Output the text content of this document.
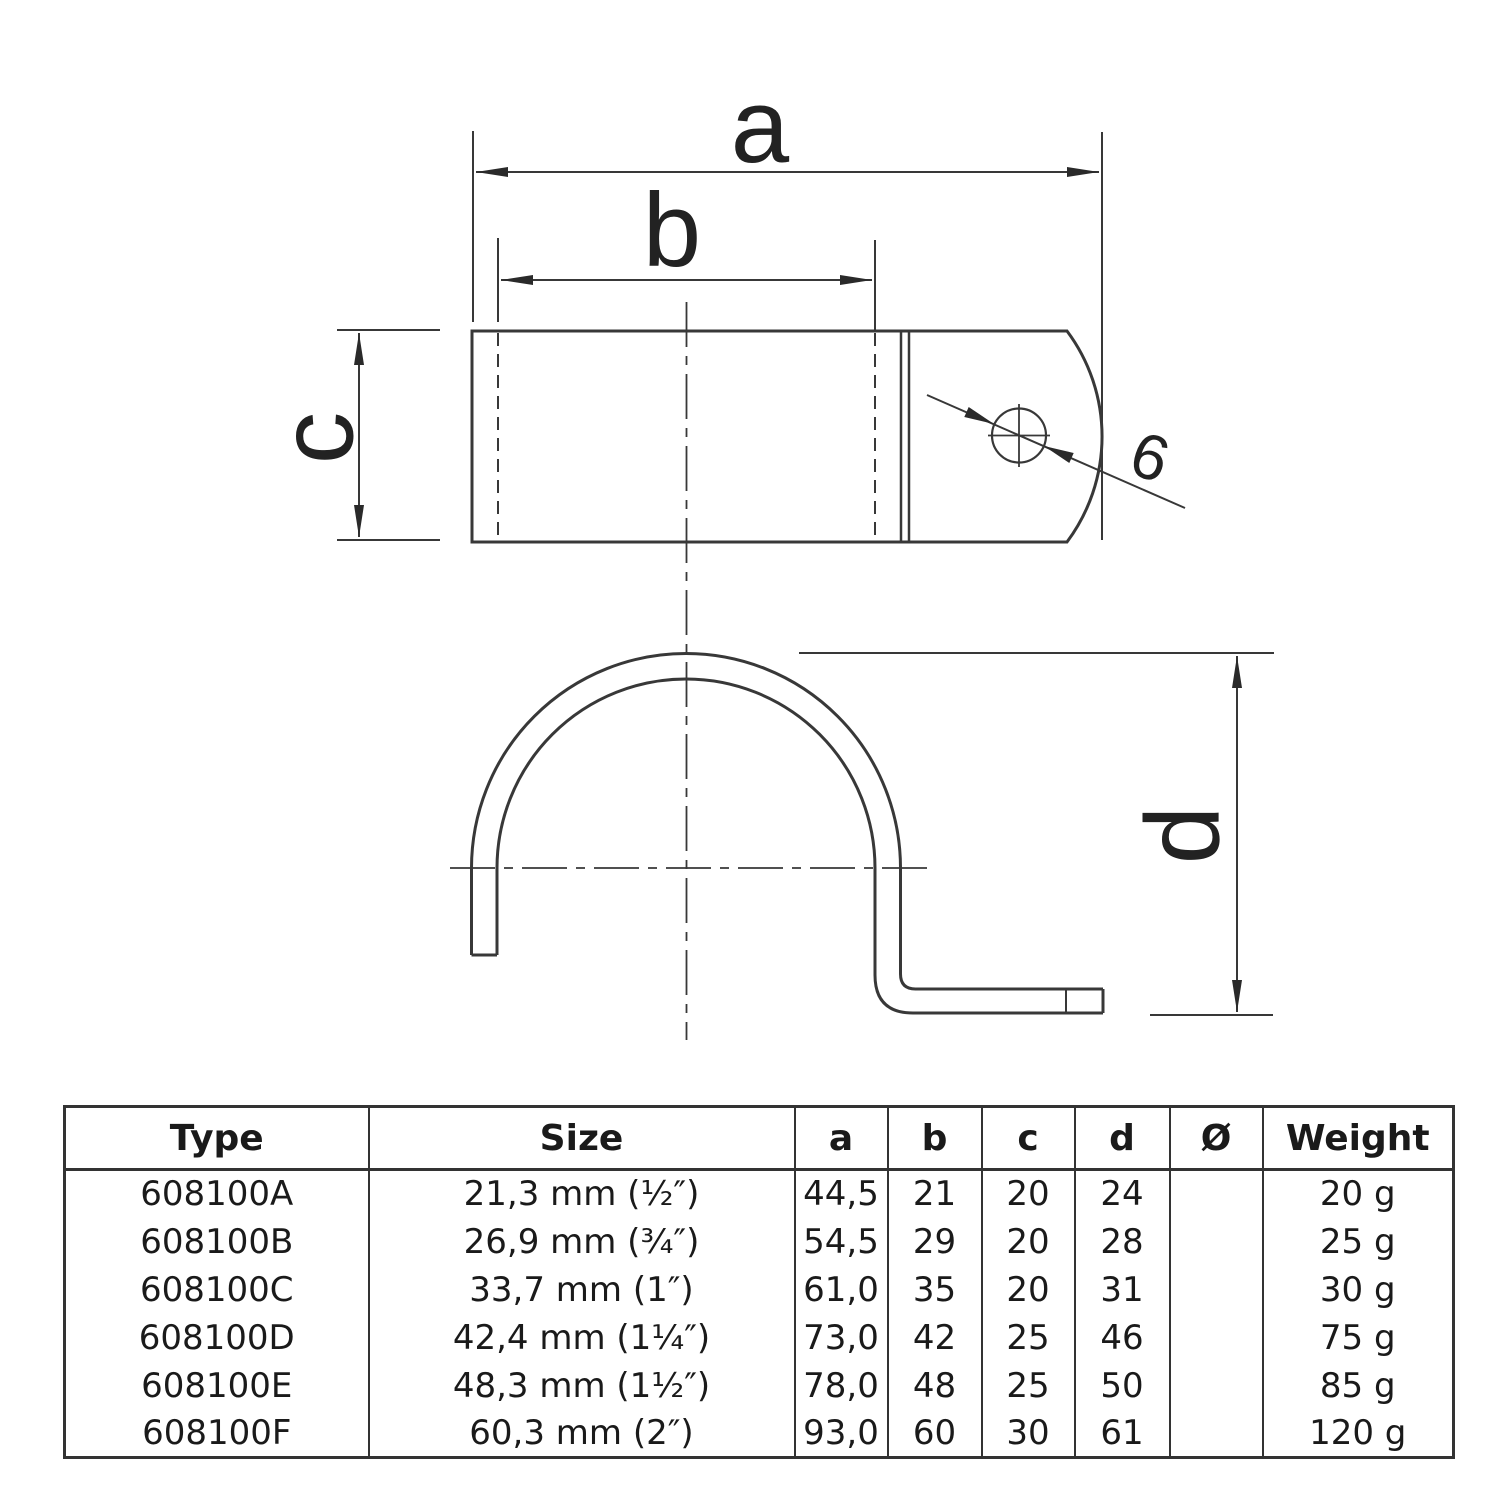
a
b
c
d
6
Type	Size	a	b	c	d	Ø	Weight
608100A	21,3 mm (½″)	44,5	21	20	24		20 g
608100B	26,9 mm (¾″)	54,5	29	20	28		25 g
608100C	33,7 mm (1″)	61,0	35	20	31		30 g
608100D	42,4 mm (1¼″)	73,0	42	25	46		75 g
608100E	48,3 mm (1½″)	78,0	48	25	50		85 g
608100F	60,3 mm (2″)	93,0	60	30	61		120 g
